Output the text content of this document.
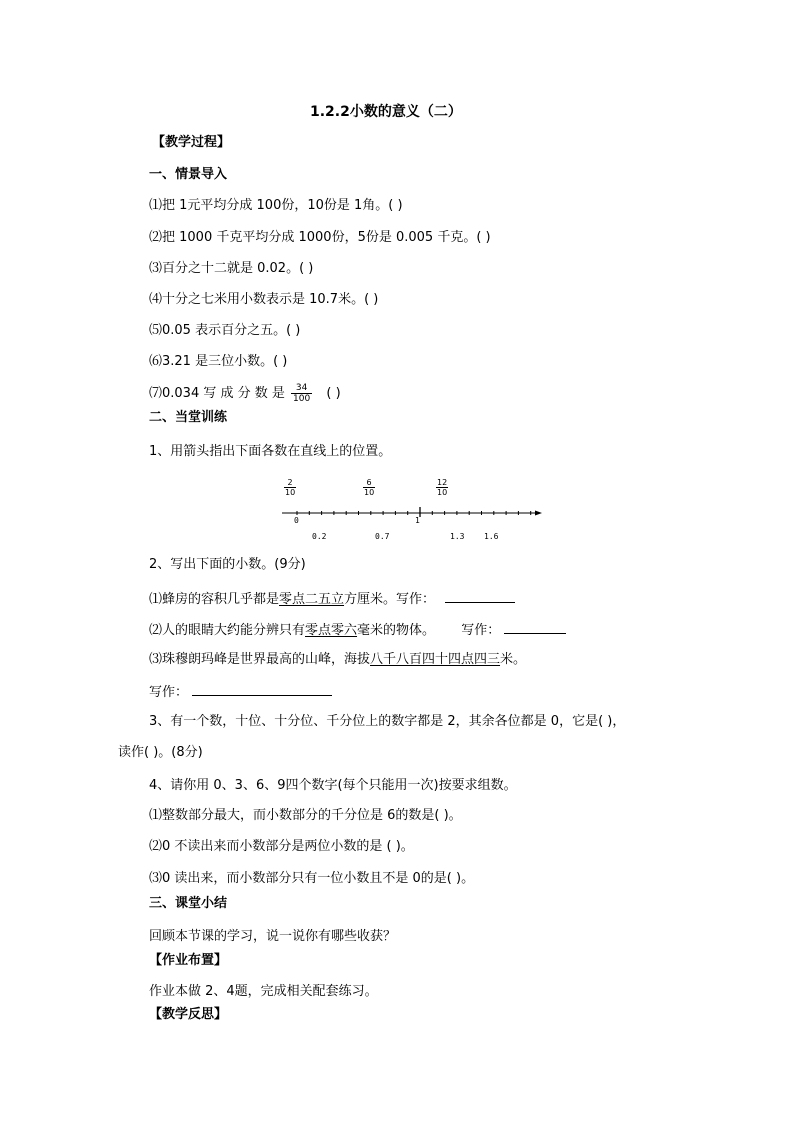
1.2.2小数的意义（二）
【教学过程】
一、情景导入
⑴把 1元平均分成 100份，10份是 1角。( )
⑵把 1000 千克平均分成 1000份，5份是 0.005 千克。( )
⑶百分之十二就是 0.02。( )
⑷十分之七米用小数表示是 10.7米。( )
⑸0.05 表示百分之五。( )
⑹3.21 是三位小数。( )
⑺0.034 写 成 分 数 是 $\frac{34}{100}$ ( )
二、当堂训练
1、用箭头指出下面各数在直线上的位置。
$\frac{2}{10}$	$\frac{6}{10}$	$\frac{12}{10}$
0	1
0.2	0.7	1.3 1.6
2、写出下面的小数。(9分)
⑴蜂房的容积几乎都是零点二五立方厘米。写作：
⑵人的眼睛大约能分辨只有零点零六毫米的物体。 写作：
⑶珠穆朗玛峰是世界最高的山峰，海拔八千八百四十四点四三米。
写作：
3、有一个数，十位、十分位、千分位上的数字都是 2，其余各位都是 0，它是( )，
读作( )。(8分)
4、请你用 0、3、6、9四个数字(每个只能用一次)按要求组数。
⑴整数部分最大，而小数部分的千分位是 6的数是( )。
⑵0 不读出来而小数部分是两位小数的是 ( )。
⑶0 读出来，而小数部分只有一位小数且不是 0的是( )。
三、课堂小结
回顾本节课的学习，说一说你有哪些收获？
【作业布置】
作业本做 2、4题，完成相关配套练习。
【教学反思】
